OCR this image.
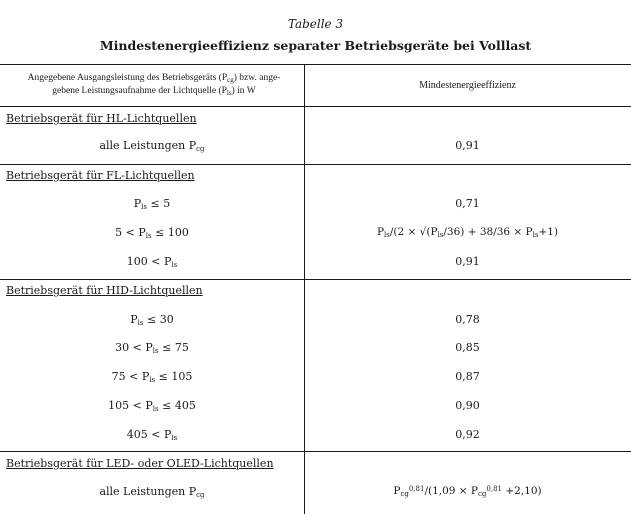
Tabelle 3
Mindestenergieeffizienz separater Betriebsgeräte bei Volllast
Angegebene Ausgangsleistung des Betriebsgeräts $(P_{cg})$ bzw. ange-
gebene Leistungsaufnahme der Lichtquelle $(P_{ls})$ in W	Mindestenergieeffizienz
Betriebsgerät für HL-Lichtquellen
alle Leistungen $P_{cg}$	0,91
Betriebsgerät für FL-Lichtquellen
$P_{ls} \le 5$	0,71
$5 < P_{ls} \le 100$	$P_{ls}/(2 \times √(P_{ls}/36) + 38/36 \times P_{ls}+1)$
$100 < P_{ls}$	0,91
Betriebsgerät für HID-Lichtquellen
$P_{ls} \le 30$	0,78
$30 < P_{ls} \le 75$	0,85
$75 < P_{ls} \le 105$	0,87
$105 < P_{ls} \le 405$	0,90
$405 < P_{ls}$	0,92
Betriebsgerät für LED- oder OLED-Lichtquellen
alle Leistungen $P_{cg}$	$P_{cg}^{0,81}/(1,09 \times P_{cg}^{0,81} +2,10)$
